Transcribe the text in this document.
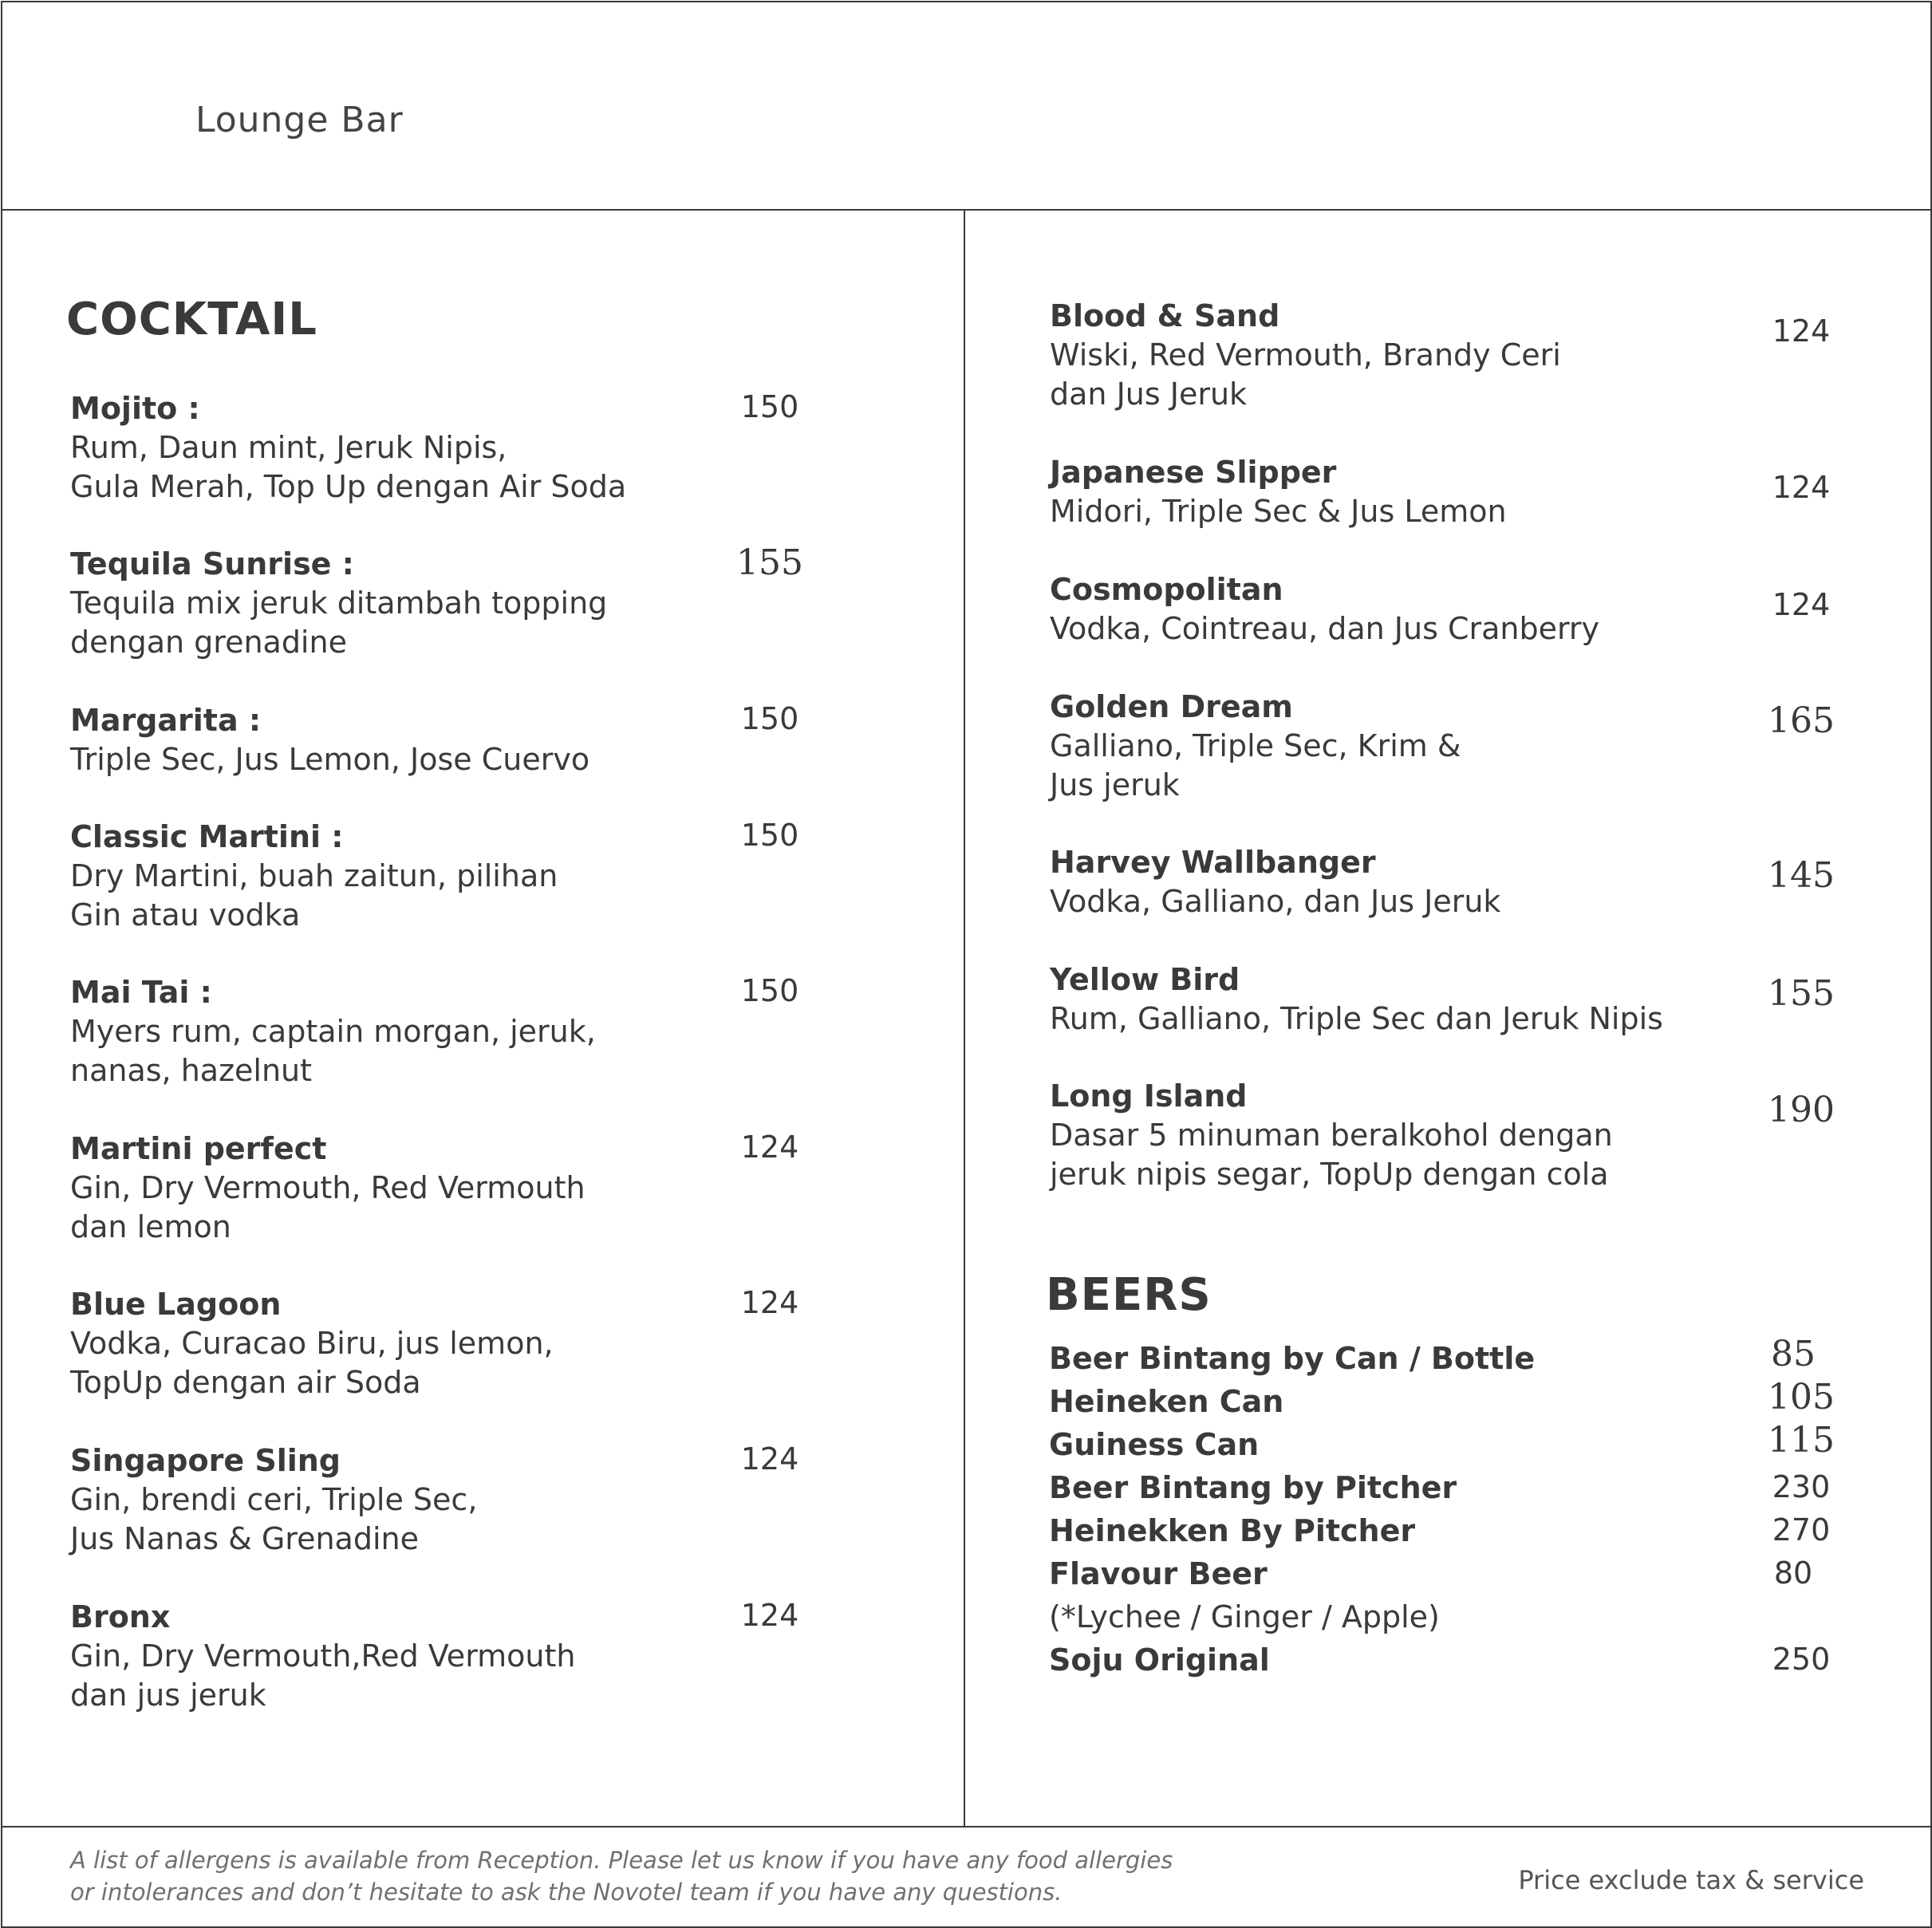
Lounge Bar
COCKTAIL
Mojito :
Rum, Daun mint, Jeruk Nipis,
Gula Merah, Top Up dengan Air Soda
150
Tequila Sunrise :
Tequila mix jeruk ditambah topping
dengan grenadine
155
Margarita :
Triple Sec, Jus Lemon, Jose Cuervo
150
Classic Martini :
Dry Martini, buah zaitun, pilihan
Gin atau vodka
150
Mai Tai :
Myers rum, captain morgan, jeruk,
nanas, hazelnut
150
Martini perfect
Gin, Dry Vermouth, Red Vermouth
dan lemon
124
Blue Lagoon
Vodka, Curacao Biru, jus lemon,
TopUp dengan air Soda
124
Singapore Sling
Gin, brendi ceri, Triple Sec,
Jus Nanas & Grenadine
124
Bronx
Gin, Dry Vermouth,Red Vermouth
dan jus jeruk
124
Blood & Sand
Wiski, Red Vermouth, Brandy Ceri
dan Jus Jeruk
124
Japanese Slipper
Midori, Triple Sec & Jus Lemon
124
Cosmopolitan
Vodka, Cointreau, dan Jus Cranberry
124
Golden Dream
Galliano, Triple Sec, Krim &
Jus jeruk
165
Harvey Wallbanger
Vodka, Galliano, dan Jus Jeruk
145
Yellow Bird
Rum, Galliano, Triple Sec dan Jeruk Nipis
155
Long Island
Dasar 5 minuman beralkohol dengan
jeruk nipis segar, TopUp dengan cola
190
BEERS
Beer Bintang by Can / Bottle	85
Heineken Can	105
Guiness Can	115
Beer Bintang by Pitcher	230
Heinekken By Pitcher	270
Flavour Beer	80
(*Lychee / Ginger / Apple)
Soju Original	250
A list of allergens is available from Reception. Please let us know if you have any food allergies
or intolerances and don’t hesitate to ask the Novotel team if you have any questions.	Price exclude tax & service
